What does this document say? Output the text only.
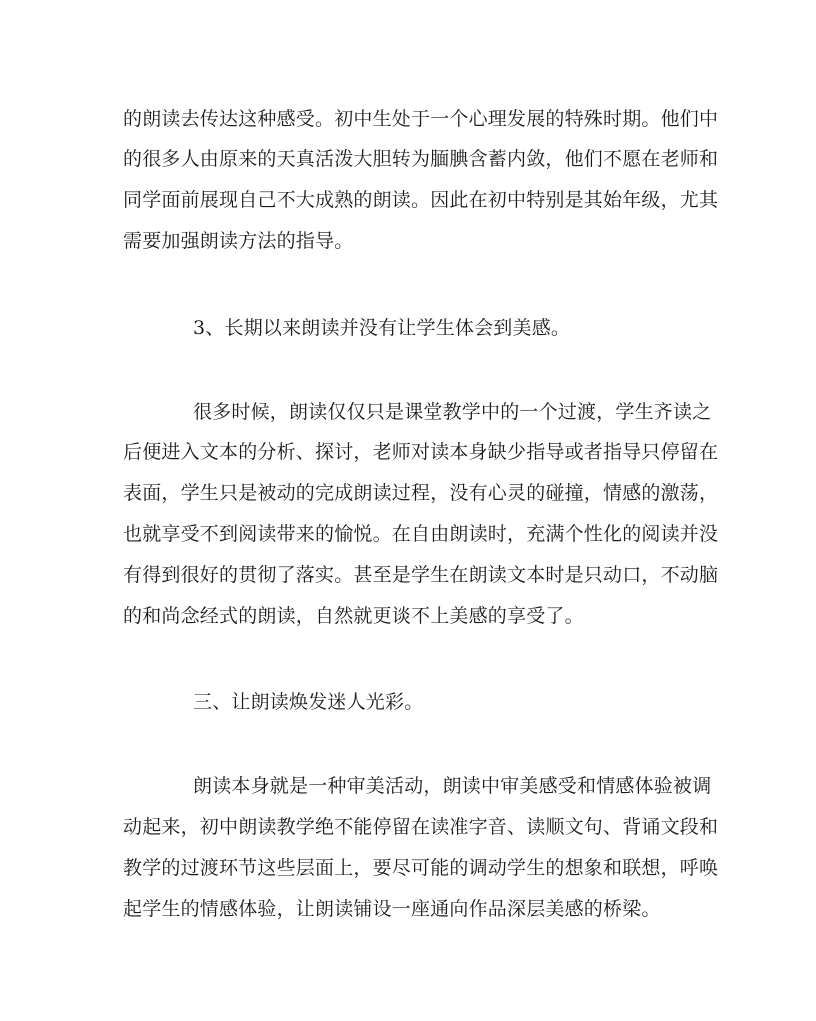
的朗读去传达这种感受。初中生处于一个心理发展的特殊时期。他们中
的很多人由原来的天真活泼大胆转为腼腆含蓄内敛，他们不愿在老师和
同学面前展现自己不大成熟的朗读。因此在初中特别是其始年级，尤其
需要加强朗读方法的指导。
3、长期以来朗读并没有让学生体会到美感。
很多时候，朗读仅仅只是课堂教学中的一个过渡，学生齐读之
后便进入文本的分析、探讨，老师对读本身缺少指导或者指导只停留在
表面，学生只是被动的完成朗读过程，没有心灵的碰撞，情感的激荡，
也就享受不到阅读带来的愉悦。在自由朗读时，充满个性化的阅读并没
有得到很好的贯彻了落实。甚至是学生在朗读文本时是只动口，不动脑
的和尚念经式的朗读，自然就更谈不上美感的享受了。
三、让朗读焕发迷人光彩。
朗读本身就是一种审美活动，朗读中审美感受和情感体验被调
动起来，初中朗读教学绝不能停留在读准字音、读顺文句、背诵文段和
教学的过渡环节这些层面上，要尽可能的调动学生的想象和联想，呼唤
起学生的情感体验，让朗读铺设一座通向作品深层美感的桥梁。
